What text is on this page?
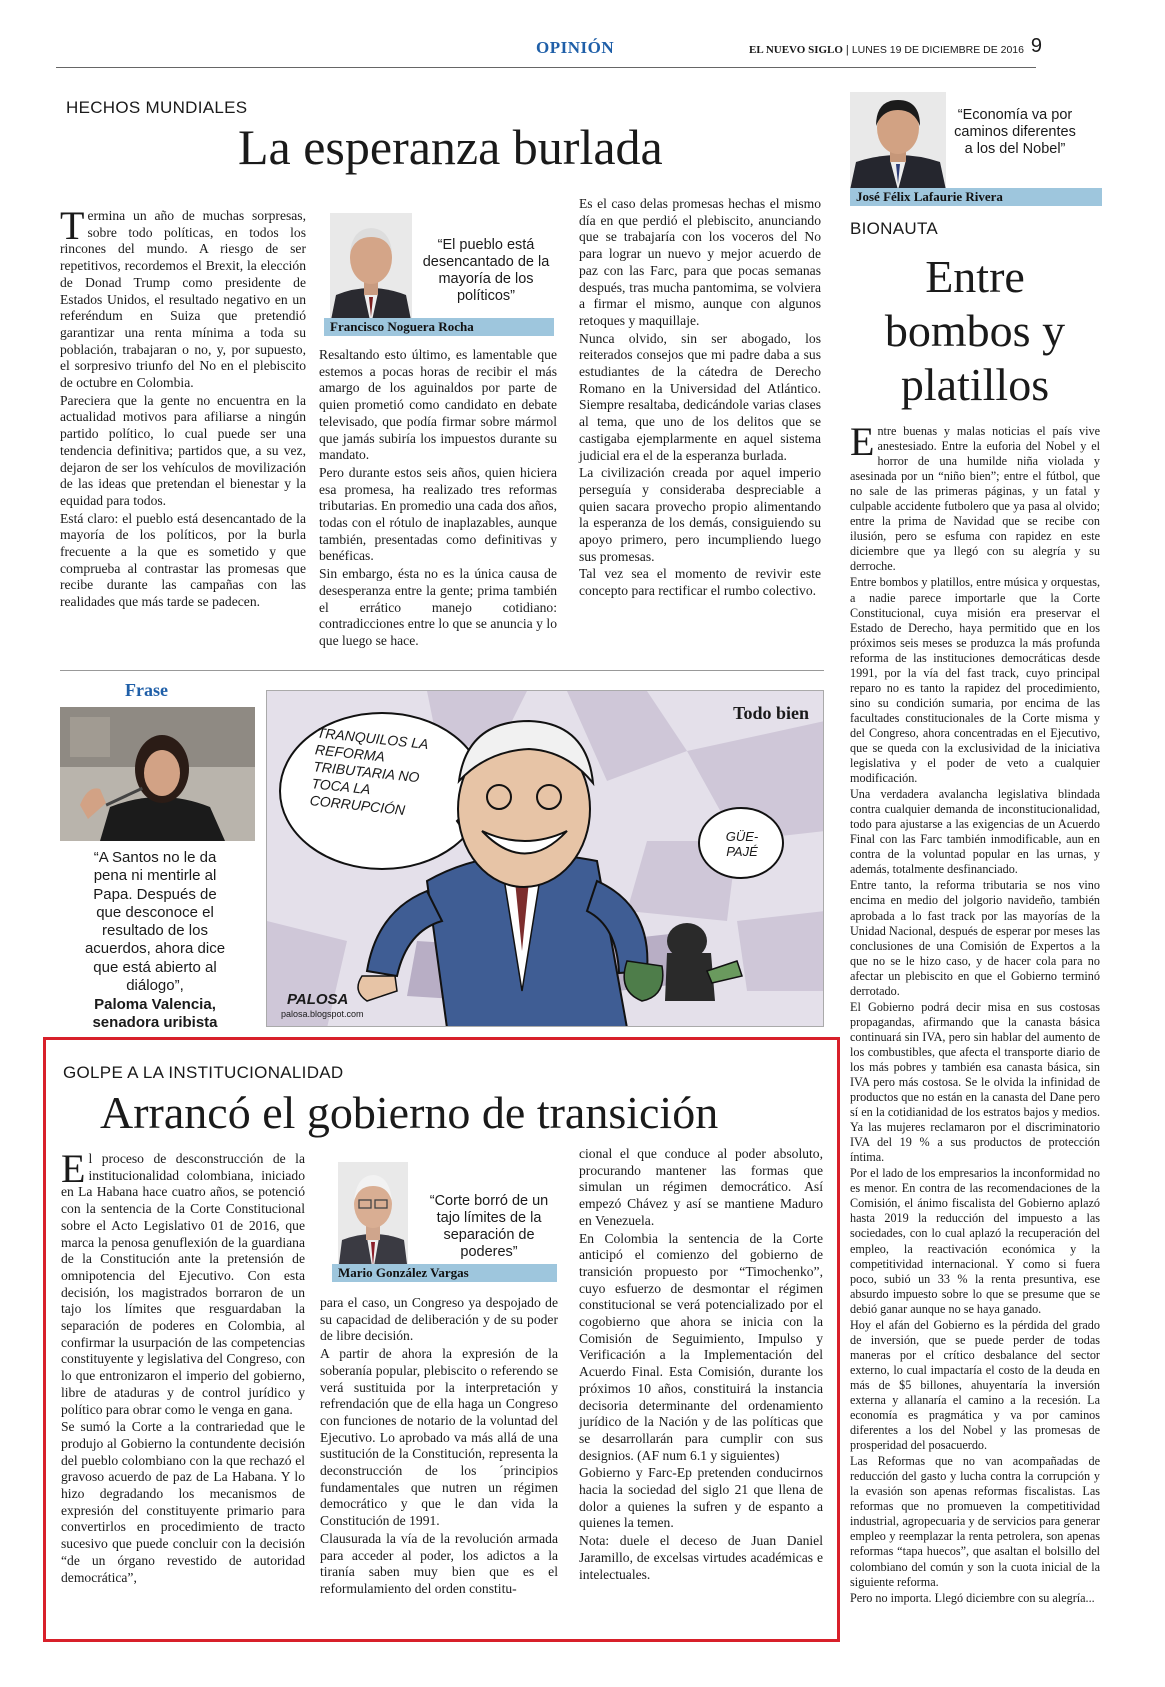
OPINIÓN	EL NUEVO SIGLO | LUNES 19 DE DICIEMBRE DE 2016 9
HECHOS MUNDIALES
La esperanza burlada

Termina un año de muchas sorpresas, sobre todo políticas, en todos los rincones del mundo. A riesgo de ser repetitivos, recordemos el Brexit, la elección de Donad Trump como presidente de Estados Unidos, el resultado negativo en un referéndum en Suiza que pretendió garantizar una renta mínima a toda su población, trabajaran o no, y, por supuesto, el sorpresivo triunfo del No en el plebiscito de octubre en Colombia.

Pareciera que la gente no encuentra en la actualidad motivos para afiliarse a ningún partido político, lo cual puede ser una tendencia definitiva; partidos que, a su vez, dejaron de ser los vehículos de movilización de las ideas que pretendan el bienestar y la equidad para todos.

Está claro: el pueblo está desencantado de la mayoría de los políticos, por la burla frecuente a la que es sometido y que comprueba al contrastar las promesas que recibe durante las campañas con las realidades que más tarde se padecen.

“El pueblo está desencantado de la mayoría de los políticos”
Francisco Noguera Rocha

Resaltando esto último, es lamentable que estemos a pocas horas de recibir el más amargo de los aguinaldos por parte de quien prometió como candidato en debate televisado, que podía firmar sobre mármol que jamás subiría los impuestos durante su mandato.

Pero durante estos seis años, quien hiciera esa promesa, ha realizado tres reformas tributarias. En promedio una cada dos años, todas con el rótulo de inaplazables, aunque también, presentadas como definitivas y benéficas.

Sin embargo, ésta no es la única causa de desesperanza entre la gente; prima también el errático manejo cotidiano: contradicciones entre lo que se anuncia y lo que luego se hace.

Es el caso delas promesas hechas el mismo día en que perdió el plebiscito, anunciando que se trabajaría con los voceros del No para lograr un nuevo y mejor acuerdo de paz con las Farc, para que pocas semanas después, tras mucha pantomima, se volviera a firmar el mismo, aunque con algunos retoques y maquillaje.

Nunca olvido, sin ser abogado, los reiterados consejos que mi padre daba a sus estudiantes de la cátedra de Derecho Romano en la Universidad del Atlántico. Siempre resaltaba, dedicándole varias clases al tema, que uno de los delitos que se castigaba ejemplarmente en aquel sistema judicial era el de la esperanza burlada.

La civilización creada por aquel imperio perseguía y consideraba despreciable a quien sacara provecho propio alimentando la esperanza de los demás, consiguiendo su apoyo primero, pero incumpliendo luego sus promesas.

Tal vez sea el momento de revivir este concepto para rectificar el rumbo colectivo.

Frase
“A Santos no le da pena ni mentirle al Papa. Después de que desconoce el resultado de los acuerdos, ahora dice que está abierto al diálogo”,
Paloma Valencia,
senadora uribista
Todo bien
TRANQUILOS LA REFORMA TRIBUTARIA NO TOCA LA CORRUPCIÓN
GÜE-PAJÉ
PALOSA
palosa.blogspot.com
GOLPE A LA INSTITUCIONALIDAD
Arrancó el gobierno de transición

El proceso de desconstrucción de la institucionalidad colombiana, iniciado en La Habana hace cuatro años, se potenció con la sentencia de la Corte Constitucional sobre el Acto Legislativo 01 de 2016, que marca la penosa genuflexión de la guardiana de la Constitución ante la pretensión de omnipotencia del Ejecutivo. Con esta decisión, los magistrados borraron de un tajo los límites que resguardaban la separación de poderes en Colombia, al confirmar la usurpación de las competencias constituyente y legislativa del Congreso, con lo que entronizaron el imperio del gobierno, libre de ataduras y de control jurídico y político para obrar como le venga en gana.

Se sumó la Corte a la contrariedad que le produjo al Gobierno la contundente decisión del pueblo colombiano con la que rechazó el gravoso acuerdo de paz de La Habana. Y lo hizo degradando los mecanismos de expresión del constituyente primario para convertirlos en procedimiento de tracto sucesivo que puede concluir con la decisión “de un órgano revestido de autoridad democrática”,

“Corte borró de un tajo límites de la separación de poderes”
Mario González Vargas

para el caso, un Congreso ya despojado de su capacidad de deliberación y de su poder de libre decisión.

A partir de ahora la expresión de la soberanía popular, plebiscito o referendo se verá sustituida por la interpretación y refrendación que de ella haga un Congreso con funciones de notario de la voluntad del Ejecutivo. Lo aprobado va más allá de una sustitución de la Constitución, representa la deconstrucción de los ´principios fundamentales que nutren un régimen democrático y que le dan vida la Constitución de 1991.

Clausurada la vía de la revolución armada para acceder al poder, los adictos a la tiranía saben muy bien que es el reformulamiento del orden constitu-

cional el que conduce al poder absoluto, procurando mantener las formas que simulan un régimen democrático. Así empezó Chávez y así se mantiene Maduro en Venezuela.

En Colombia la sentencia de la Corte anticipó el comienzo del gobierno de transición propuesto por “Timochenko”, cuyo esfuerzo de desmontar el régimen constitucional se verá potencializado por el cogobierno que ahora se inicia con la Comisión de Seguimiento, Impulso y Verificación a la Implementación del Acuerdo Final. Esta Comisión, durante los próximos 10 años, constituirá la instancia decisoria determinante del ordenamiento jurídico de la Nación y de las políticas que se desarrollarán para cumplir con sus designios. (AF num 6.1 y siguientes)

Gobierno y Farc-Ep pretenden conducirnos hacia la sociedad del siglo 21 que llena de dolor a quienes la sufren y de espanto a quienes la temen.

Nota: duele el deceso de Juan Daniel Jaramillo, de excelsas virtudes académicas e intelectuales.

“Economía va por caminos diferentes a los del Nobel”
José Félix Lafaurie Rivera
BIONAUTA
Entre
bombos y
platillos

Entre buenas y malas noticias el país vive anestesiado. Entre la euforia del Nobel y el horror de una humilde niña violada y asesinada por un “niño bien”; entre el fútbol, que no sale de las primeras páginas, y un fatal y culpable accidente futbolero que ya pasa al olvido; entre la prima de Navidad que se recibe con ilusión, pero se esfuma con rapidez en este diciembre que ya llegó con su alegría y su derroche.

Entre bombos y platillos, entre música y orquestas, a nadie parece importarle que la Corte Constitucional, cuya misión era preservar el Estado de Derecho, haya permitido que en los próximos seis meses se produzca la más profunda reforma de las instituciones democráticas desde 1991, por la vía del fast track, cuyo principal reparo no es tanto la rapidez del procedimiento, sino su condición sumaria, por encima de las facultades constitucionales de la Corte misma y del Congreso, ahora concentradas en el Ejecutivo, que se queda con la exclusividad de la iniciativa legislativa y el poder de veto a cualquier modificación.

Una verdadera avalancha legislativa blindada contra cualquier demanda de inconstitucionalidad, todo para ajustarse a las exigencias de un Acuerdo Final con las Farc también inmodificable, aun en contra de la voluntad popular en las urnas, y además, totalmente desfinanciado.

Entre tanto, la reforma tributaria se nos vino encima en medio del jolgorio navideño, también aprobada a lo fast track por las mayorías de la Unidad Nacional, después de esperar por meses las conclusiones de una Comisión de Expertos a la que no se le hizo caso, y de hacer cola para no afectar un plebiscito en que el Gobierno terminó derrotado.

El Gobierno podrá decir misa en sus costosas propagandas, afirmando que la canasta básica continuará sin IVA, pero sin hablar del aumento de los combustibles, que afecta el transporte diario de los más pobres y también esa canasta básica, sin IVA pero más costosa. Se le olvida la infinidad de productos que no están en la canasta del Dane pero sí en la cotidianidad de los estratos bajos y medios. Ya las mujeres reclamaron por el discriminatorio IVA del 19 % a sus productos de protección íntima.

Por el lado de los empresarios la inconformidad no es menor. En contra de las recomendaciones de la Comisión, el ánimo fiscalista del Gobierno aplazó hasta 2019 la reducción del impuesto a las sociedades, con lo cual aplazó la recuperación del empleo, la reactivación económica y la competitividad internacional. Y como si fuera poco, subió un 33 % la renta presuntiva, ese absurdo impuesto sobre lo que se presume que se debió ganar aunque no se haya ganado.

Hoy el afán del Gobierno es la pérdida del grado de inversión, que se puede perder de todas maneras por el crítico desbalance del sector externo, lo cual impactaría el costo de la deuda en más de $5 billones, ahuyentaría la inversión externa y allanaría el camino a la recesión. La economía es pragmática y va por caminos diferentes a los del Nobel y las promesas de prosperidad del posacuerdo.

Las Reformas que no van acompañadas de reducción del gasto y lucha contra la corrupción y la evasión son apenas reformas fiscalistas. Las reformas que no promueven la competitividad industrial, agropecuaria y de servicios para generar empleo y reemplazar la renta petrolera, son apenas reformas “tapa huecos”, que asaltan el bolsillo del colombiano del común y son la cuota inicial de la siguiente reforma.

Pero no importa. Llegó diciembre con su alegría...
